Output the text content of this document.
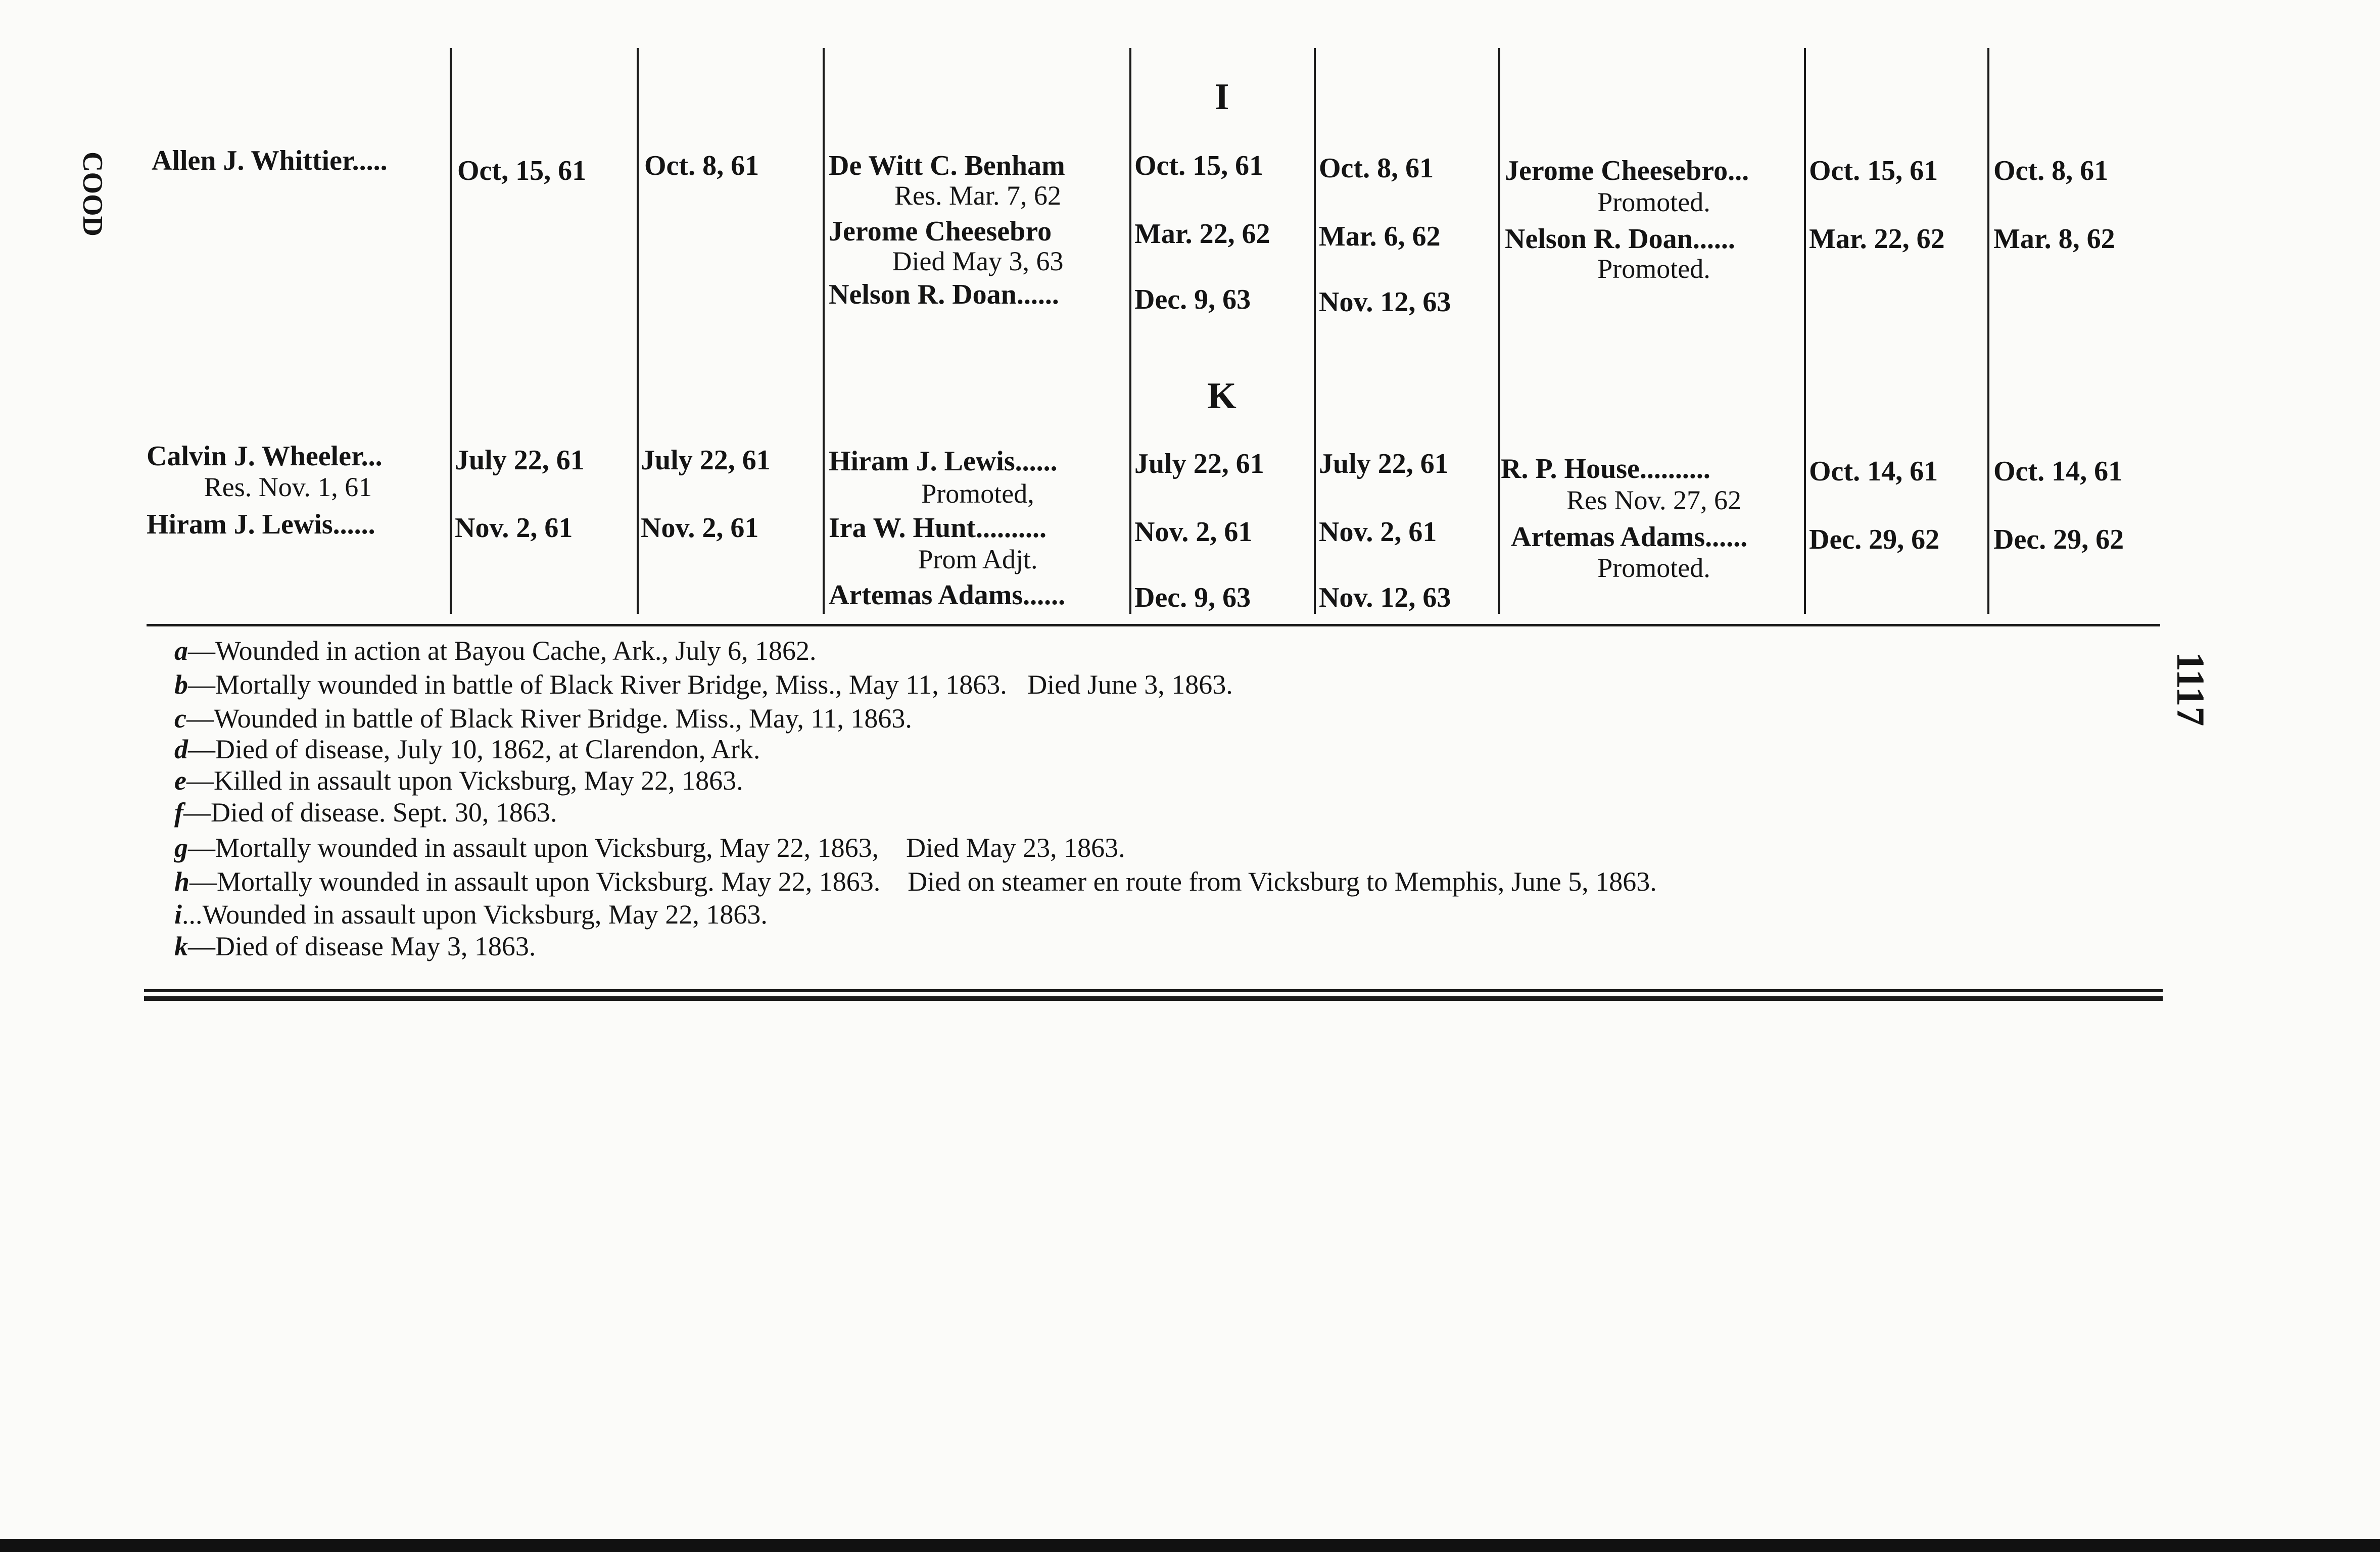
I
Allen J. Whittier..... Oct, 15, 61 Oct. 8, 61 De Witt C. Benham
Res. Mar. 7, 62
Oct. 15, 61 Oct. 8, 61
Jerome Cheesebro
Died May 3, 63
Mar. 22, 62 Mar. 6, 62
Nelson R. Doan......	Dec. 9, 63 Nov. 12, 63
Jerome Cheesebro...
Promoted.
Oct. 15, 61 Oct. 8, 61
Nelson R. Doan......
Promoted.
Mar. 22, 62 Mar. 8, 62
K
Calvin J. Wheeler...
Res. Nov. 1, 61
July 22, 61 July 22, 61
Hiram J. Lewis......	Nov. 2, 61 Nov. 2, 61
Hiram J. Lewis......
Promoted,
July 22, 61 July 22, 61
Ira W. Hunt..........
Prom Adjt.
Nov. 2, 61 Nov. 2, 61
Artemas Adams...... Dec. 9, 63 Nov. 12, 63
R. P. House..........
Res Nov. 27, 62
Oct. 14, 61 Oct. 14, 61
Artemas Adams......
Promoted.
Dec. 29, 62 Dec. 29, 62
a—Wounded in action at Bayou Cache, Ark., July 6, 1862.
b—Mortally wounded in battle of Black River Bridge, Miss., May 11, 1863. Died June 3, 1863.
c—Wounded in battle of Black River Bridge. Miss., May, 11, 1863.
d—Died of disease, July 10, 1862, at Clarendon, Ark.
e—Killed in assault upon Vicksburg, May 22, 1863.
f—Died of disease. Sept. 30, 1863.
g—Mortally wounded in assault upon Vicksburg, May 22, 1863, Died May 23, 1863.
h—Mortally wounded in assault upon Vicksburg. May 22, 1863. Died on steamer en route from Vicksburg to Memphis, June 5, 1863.
i...Wounded in assault upon Vicksburg, May 22, 1863.
k—Died of disease May 3, 1863.
1117
COOD
